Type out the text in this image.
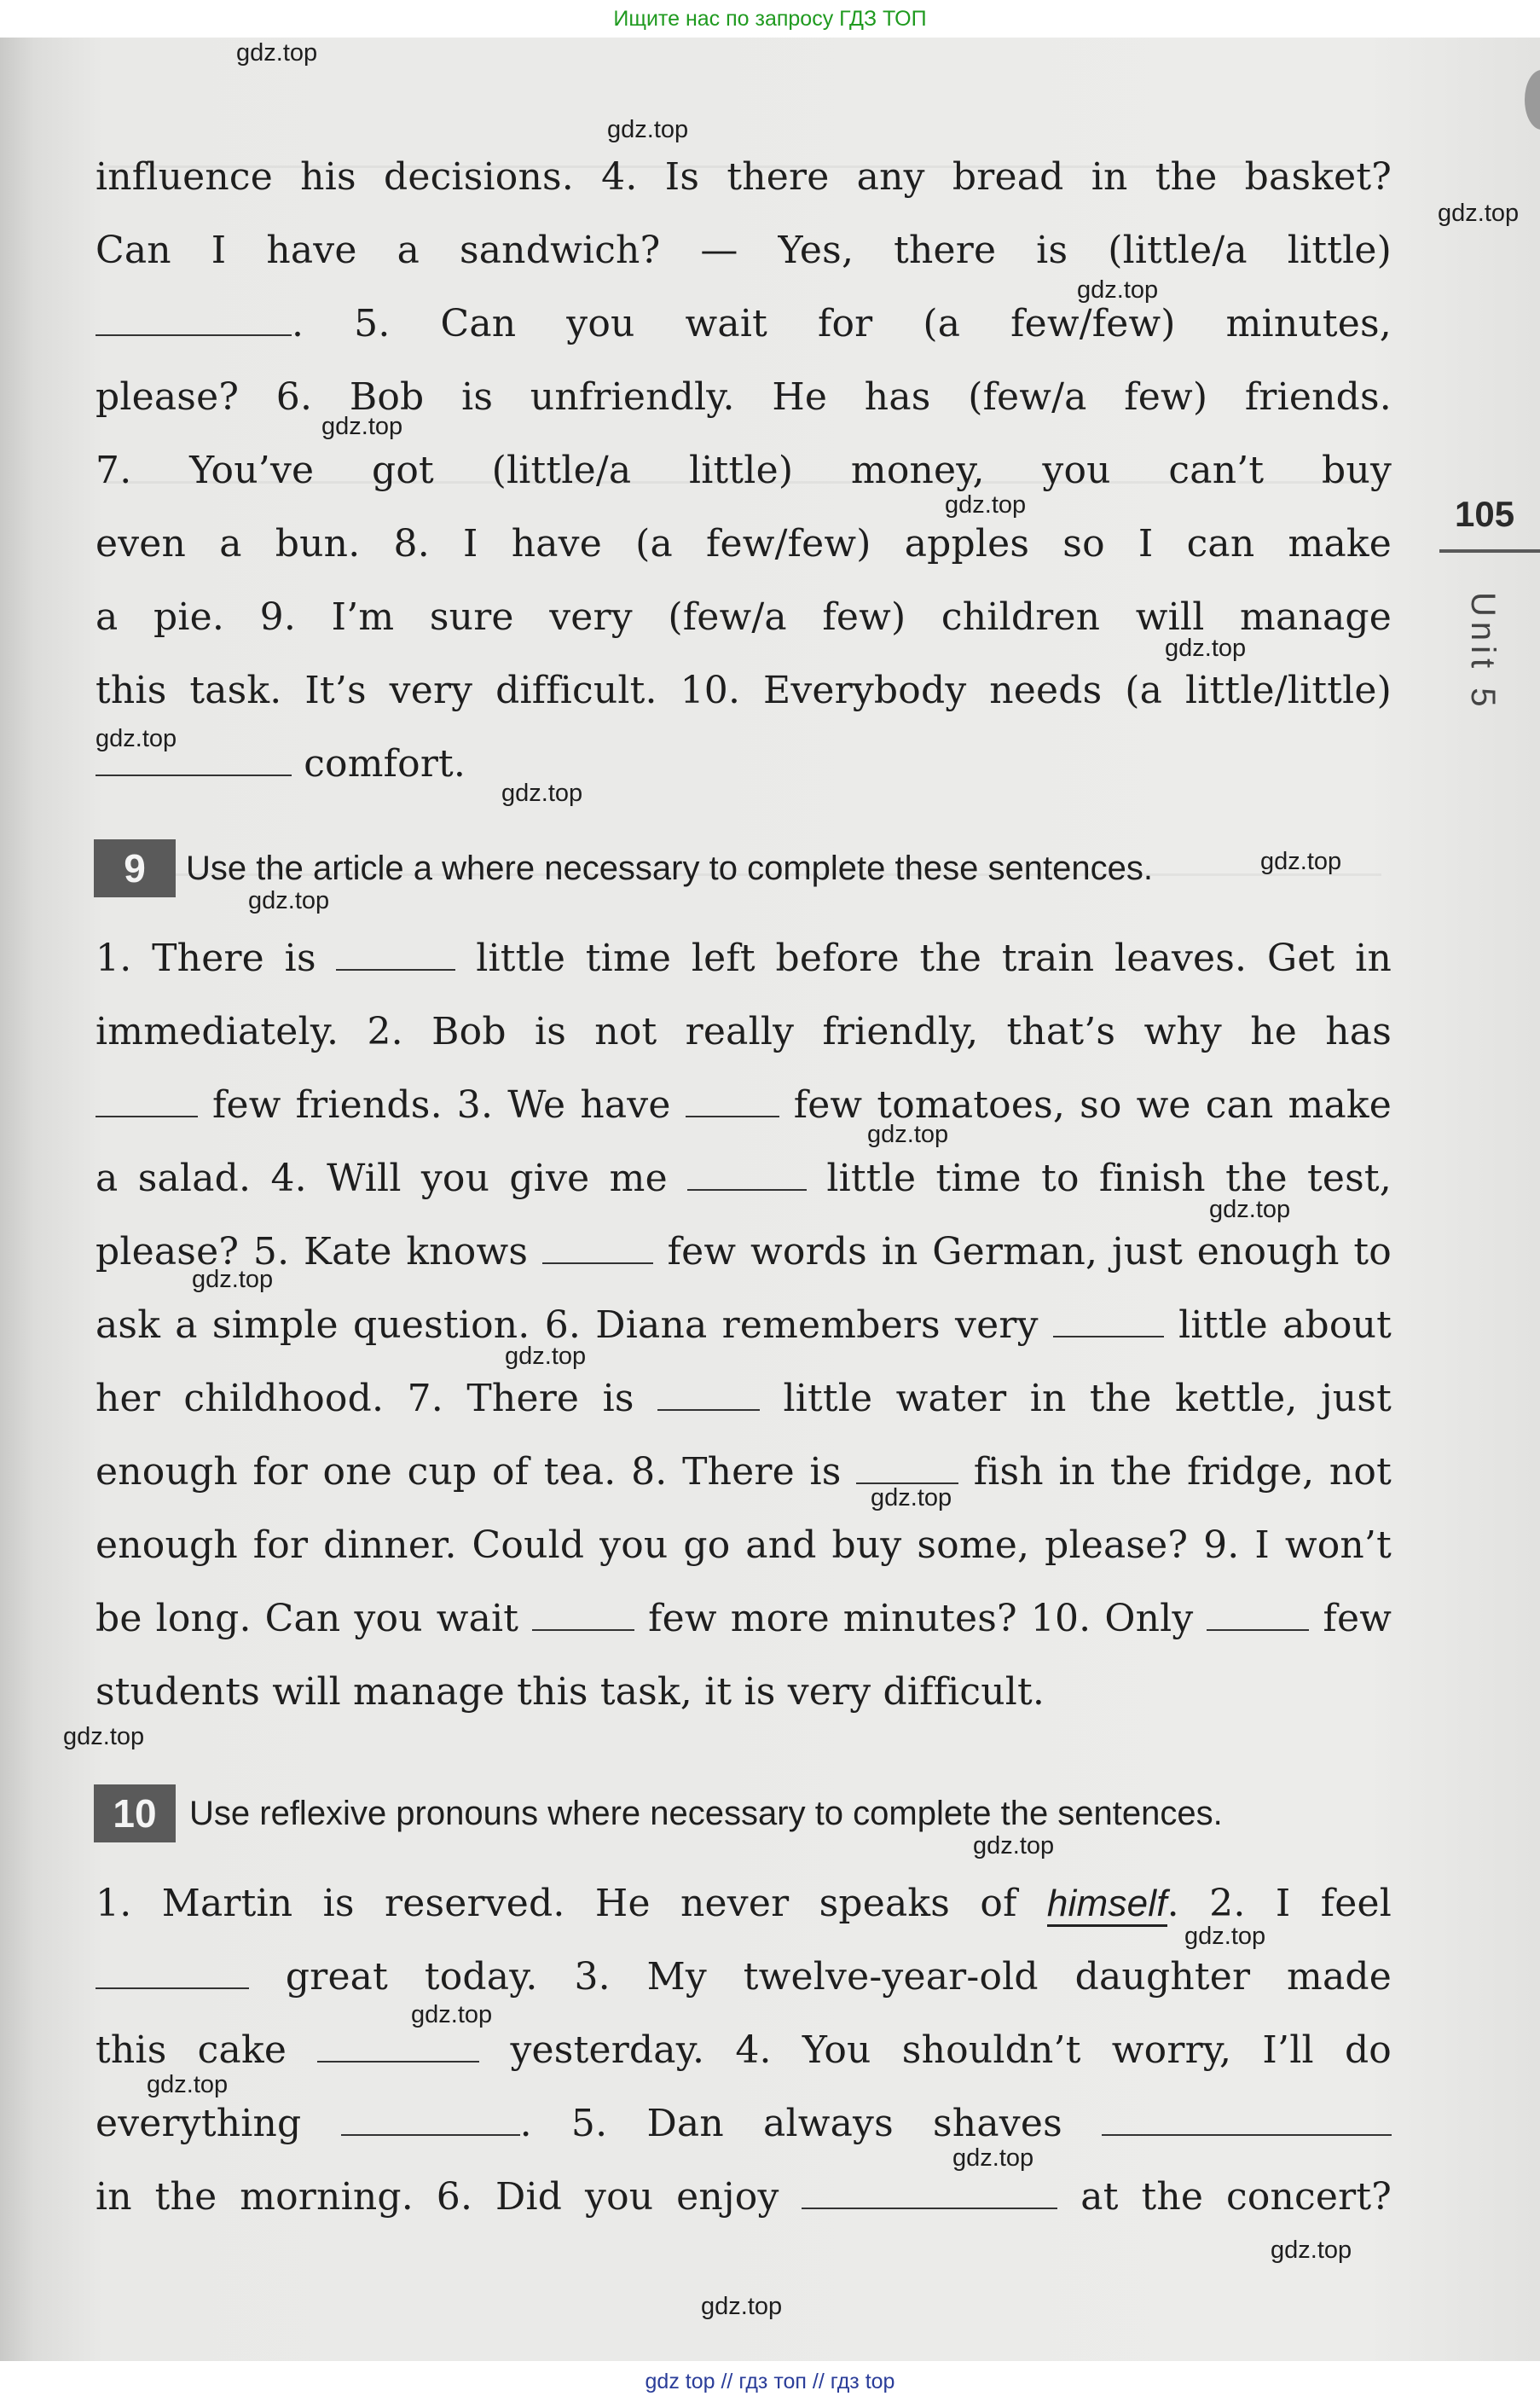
Ищите нас по запросу ГДЗ ТОП
105
Unit 5
influence his decisions. 4. Is there any bread in the basket?
Can I have a sandwich? — Yes, there is (little/a little)
. 5. Can you wait for (a few/few) minutes,
please? 6. Bob is unfriendly. He has (few/a few) friends.
7. You’ve got (little/a little) money, you can’t buy
even a bun. 8. I have (a few/few) apples so I can make
a pie. 9. I’m sure very (few/a few) children will manage
this task. It’s very difficult. 10. Everybody needs (a little/little)
comfort.
9	Use the article a where necessary to complete these sentences.
1. There is	little time left before the train leaves. Get in
immediately. 2. Bob is not really friendly, that’s why he has
few friends. 3. We have	few tomatoes, so we can make
a salad. 4. Will you give me	little time to finish the test,
please? 5. Kate knows	few words in German, just enough to
ask a simple question. 6. Diana remembers very	little about
her childhood. 7. There is	little water in the kettle, just
enough for one cup of tea. 8. There is	fish in the fridge, not
enough for dinner. Could you go and buy some, please? 9. I won’t
be long. Can you wait	few more minutes? 10. Only	few
students will manage this task, it is very difficult.
10 Use reflexive pronouns where necessary to complete the sentences.
1. Martin is reserved. He never speaks of himself. 2. I feel
great today. 3. My twelve-year-old daughter made
this cake	yesterday. 4. You shouldn’t worry, I’ll do
everything	. 5. Dan always shaves
in the morning. 6. Did you enjoy	at the concert?
gdz.top
gdz.top
gdz.top
gdz.top
gdz.top
gdz.top
gdz.top
gdz.top
gdz.top
gdz.top
gdz.top
gdz.top
gdz.top
gdz.top
gdz.top
gdz.top
gdz.top
gdz.top
gdz.top
gdz.top
gdz.top
gdz.top
gdz.top
gdz.top
gdz top // гдз топ // гдз top
